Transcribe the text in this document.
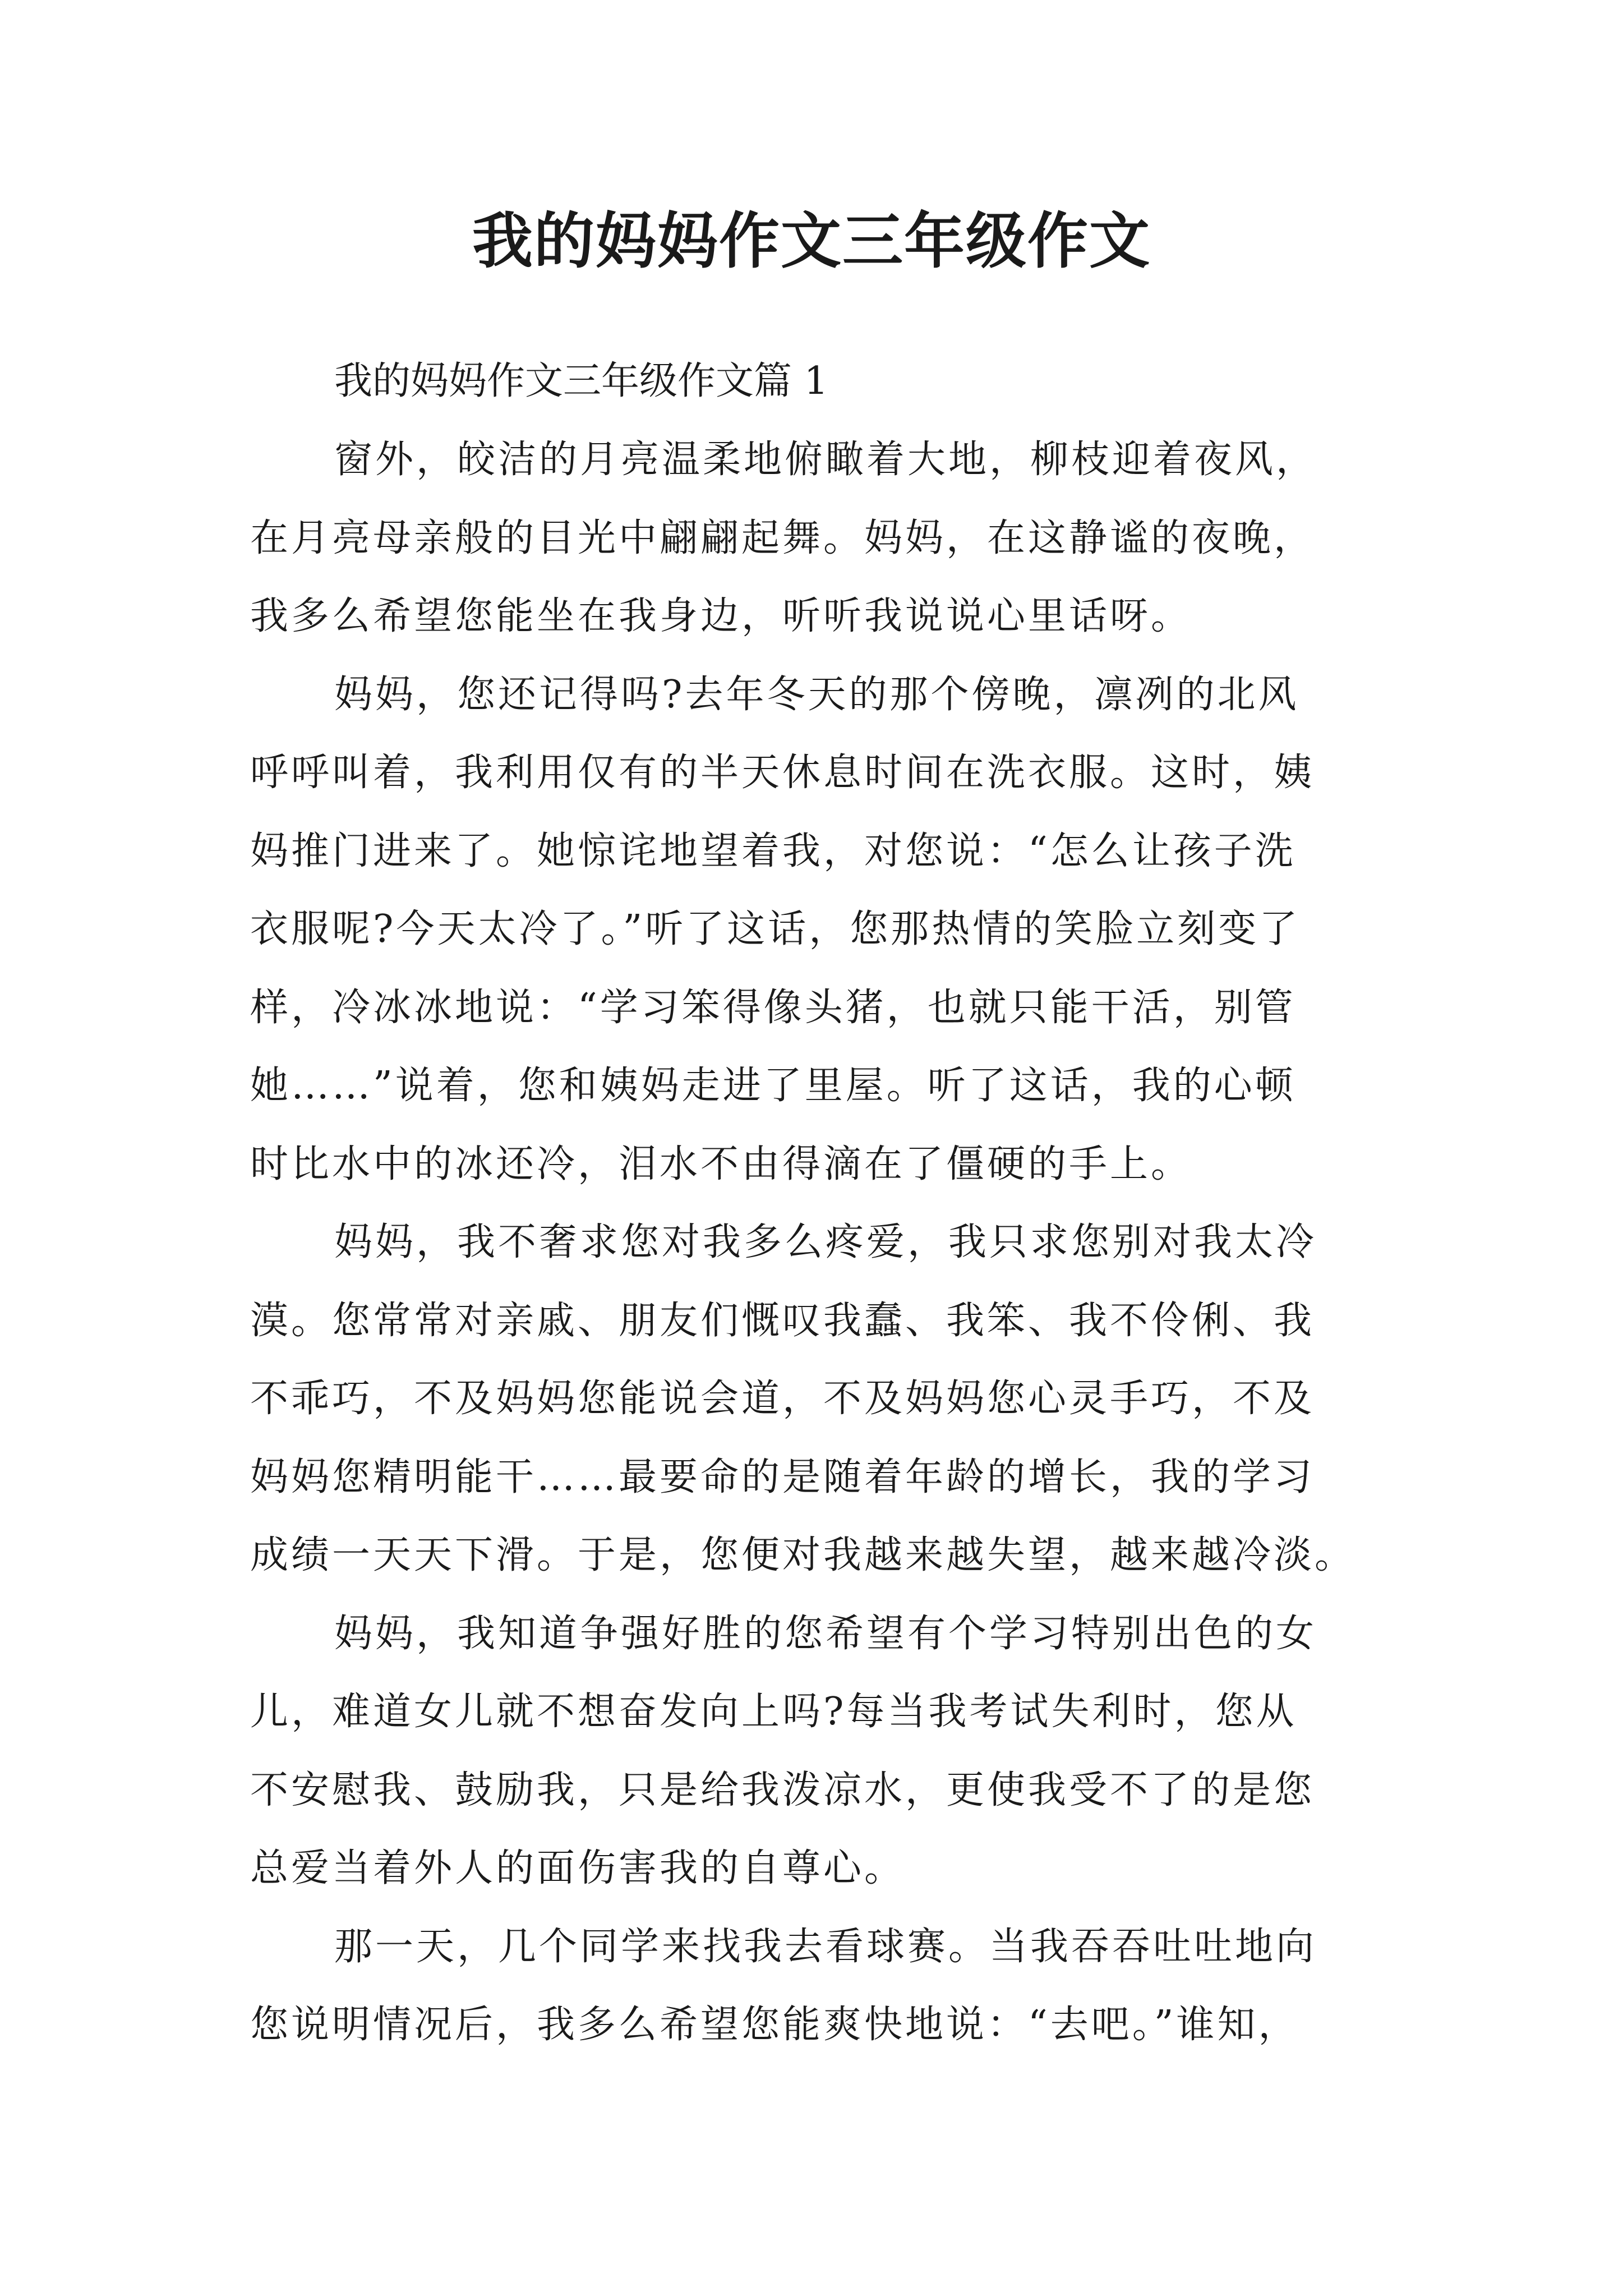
我的妈妈作文三年级作文

我的妈妈作文三年级作文篇 1

窗外，皎洁的月亮温柔地俯瞰着大地，柳枝迎着夜风，
在月亮母亲般的目光中翩翩起舞。妈妈，在这静谧的夜晚，
我多么希望您能坐在我身边，听听我说说心里话呀。

妈妈，您还记得吗?去年冬天的那个傍晚，凛冽的北风
呼呼叫着，我利用仅有的半天休息时间在洗衣服。这时，姨
妈推门进来了。她惊诧地望着我，对您说：“怎么让孩子洗
衣服呢?今天太冷了。”听了这话，您那热情的笑脸立刻变了
样，冷冰冰地说：“学习笨得像头猪，也就只能干活，别管
她……”说着，您和姨妈走进了里屋。听了这话，我的心顿
时比水中的冰还冷，泪水不由得滴在了僵硬的手上。

妈妈，我不奢求您对我多么疼爱，我只求您别对我太冷
漠。您常常对亲戚、朋友们慨叹我蠢、我笨、我不伶俐、我
不乖巧，不及妈妈您能说会道，不及妈妈您心灵手巧，不及
妈妈您精明能干……最要命的是随着年龄的增长，我的学习
成绩一天天下滑。于是，您便对我越来越失望，越来越冷淡。

妈妈，我知道争强好胜的您希望有个学习特别出色的女
儿，难道女儿就不想奋发向上吗?每当我考试失利时，您从
不安慰我、鼓励我，只是给我泼凉水，更使我受不了的是您
总爱当着外人的面伤害我的自尊心。

那一天，几个同学来找我去看球赛。当我吞吞吐吐地向
您说明情况后，我多么希望您能爽快地说：“去吧。”谁知，
